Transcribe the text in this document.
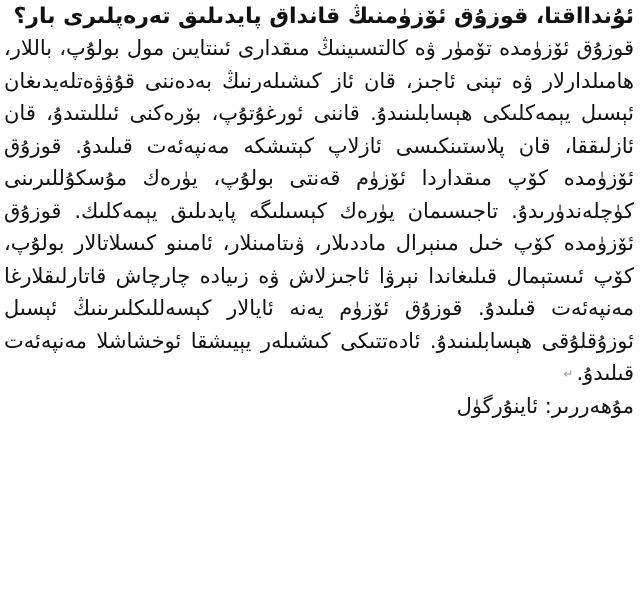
ئۇندااقتا، قوزۇق ئۆزۈمنىڭ قانداق پايدىلىق تەرەپلىرى بار؟

قوزۇق ئۆزۈمدە تۆمۈر ۋە كالتسىينىڭ مىقدارى ئىنتايىن مول بولۇپ، باللار، ھامىلدارلار ۋە تېنى ئاجىز، قان ئاز كىشىلەرنىڭ بەدەننى قۇۋۋەتلەيدىغان ئېسىل يېمەكلىكى ھېسابلىنىدۇ. قاننى ئورغۇتۇپ، بۆرەكنى ئىللىتىدۇ، قان ئازلىققا، قان پلاستىنكىسى ئازلاپ كېتىشكە مەنپەئەت قىلىدۇ. قوزۇق ئۆزۈمدە كۆپ مىقداردا ئۆزۈم قەنتى بولۇپ، يۈرەك مۇسكۇللىرىنى كۈچلەندۈرىدۇ. تاجىسىمان يۈرەك كېسىلىگە پايدىلىق يېمەكلىك. قوزۇق ئۆزۈمدە كۆپ خىل مىنېرال ماددىلار، ۋىتامىنلار، ئامىنو كىسلاتالار بولۇپ، كۆپ ئىستېمال قىلىغاندا نېرۋا ئاجىزلاش ۋە زىيادە چارچاش قاتارلىقلارغا مەنپەئەت قىلىدۇ. قوزۇق ئۆزۈم يەنە ئايالار كېسەللىكلىرىنىڭ ئېسىل ئوزۇقلۇقى ھېسابلىنىدۇ. ئادەتتىكى كىشىلەر يېيىشقا ئوخشاشلا مەنپەئەت قىلىدۇ.↵

مۇھەررىر: ئاينۇرگۈل
